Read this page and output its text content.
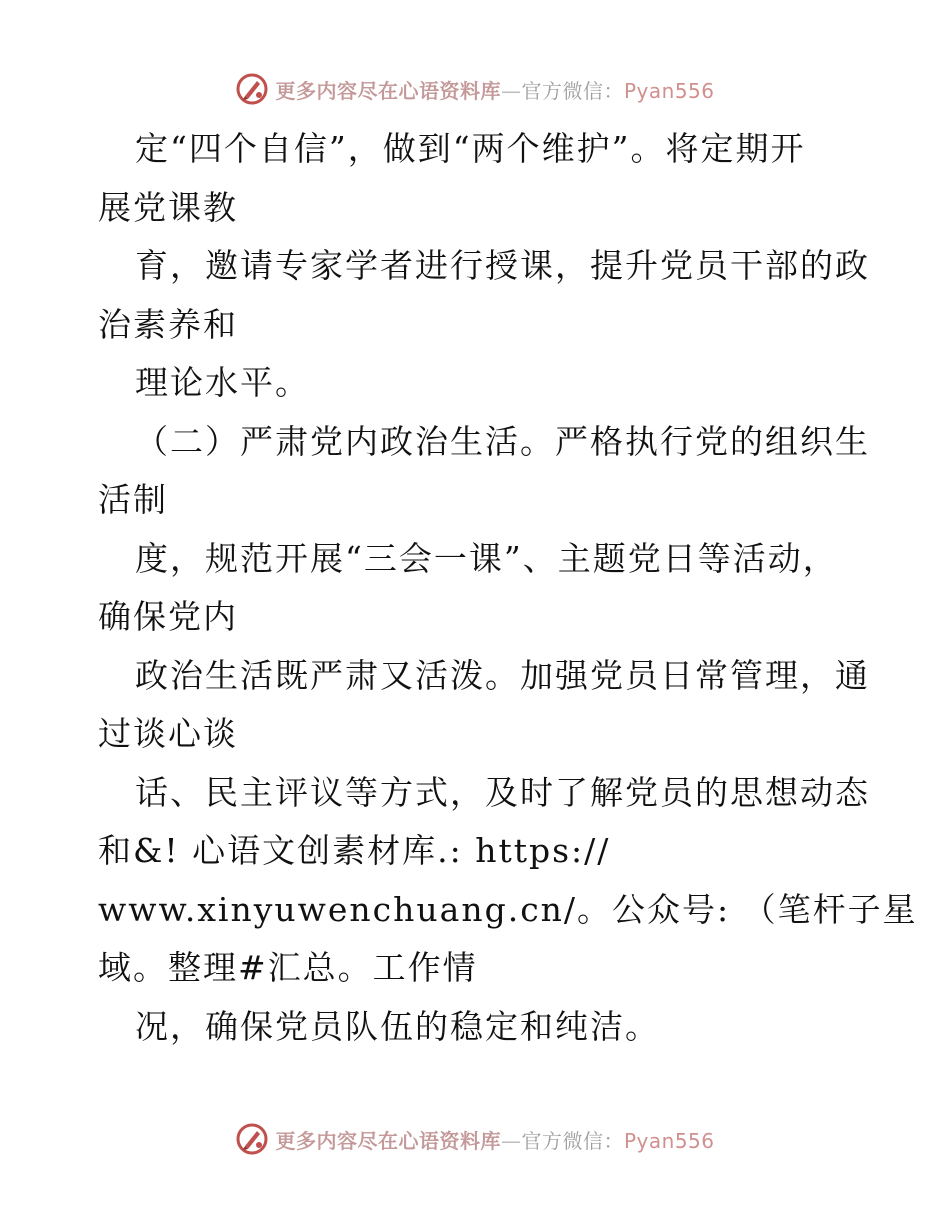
更多内容尽在心语资料库—官方微信：Pyan556
定“四个自信”，做到“两个维护”。将定期开
展党课教
育，邀请专家学者进行授课，提升党员干部的政
治素养和
理论水平。
（二）严肃党内政治生活。严格执行党的组织生
活制
度，规范开展“三会一课”、主题党日等活动，
确保党内
政治生活既严肃又活泼。加强党员日常管理，通
过谈心谈
话、民主评议等方式，及时了解党员的思想动态
和&! 心语文创素材库.: https://
www.xinyuwenchuang.cn/。公众号: （笔杆子星
域。整理#汇总。工作情
况，确保党员队伍的稳定和纯洁。
更多内容尽在心语资料库—官方微信：Pyan556
